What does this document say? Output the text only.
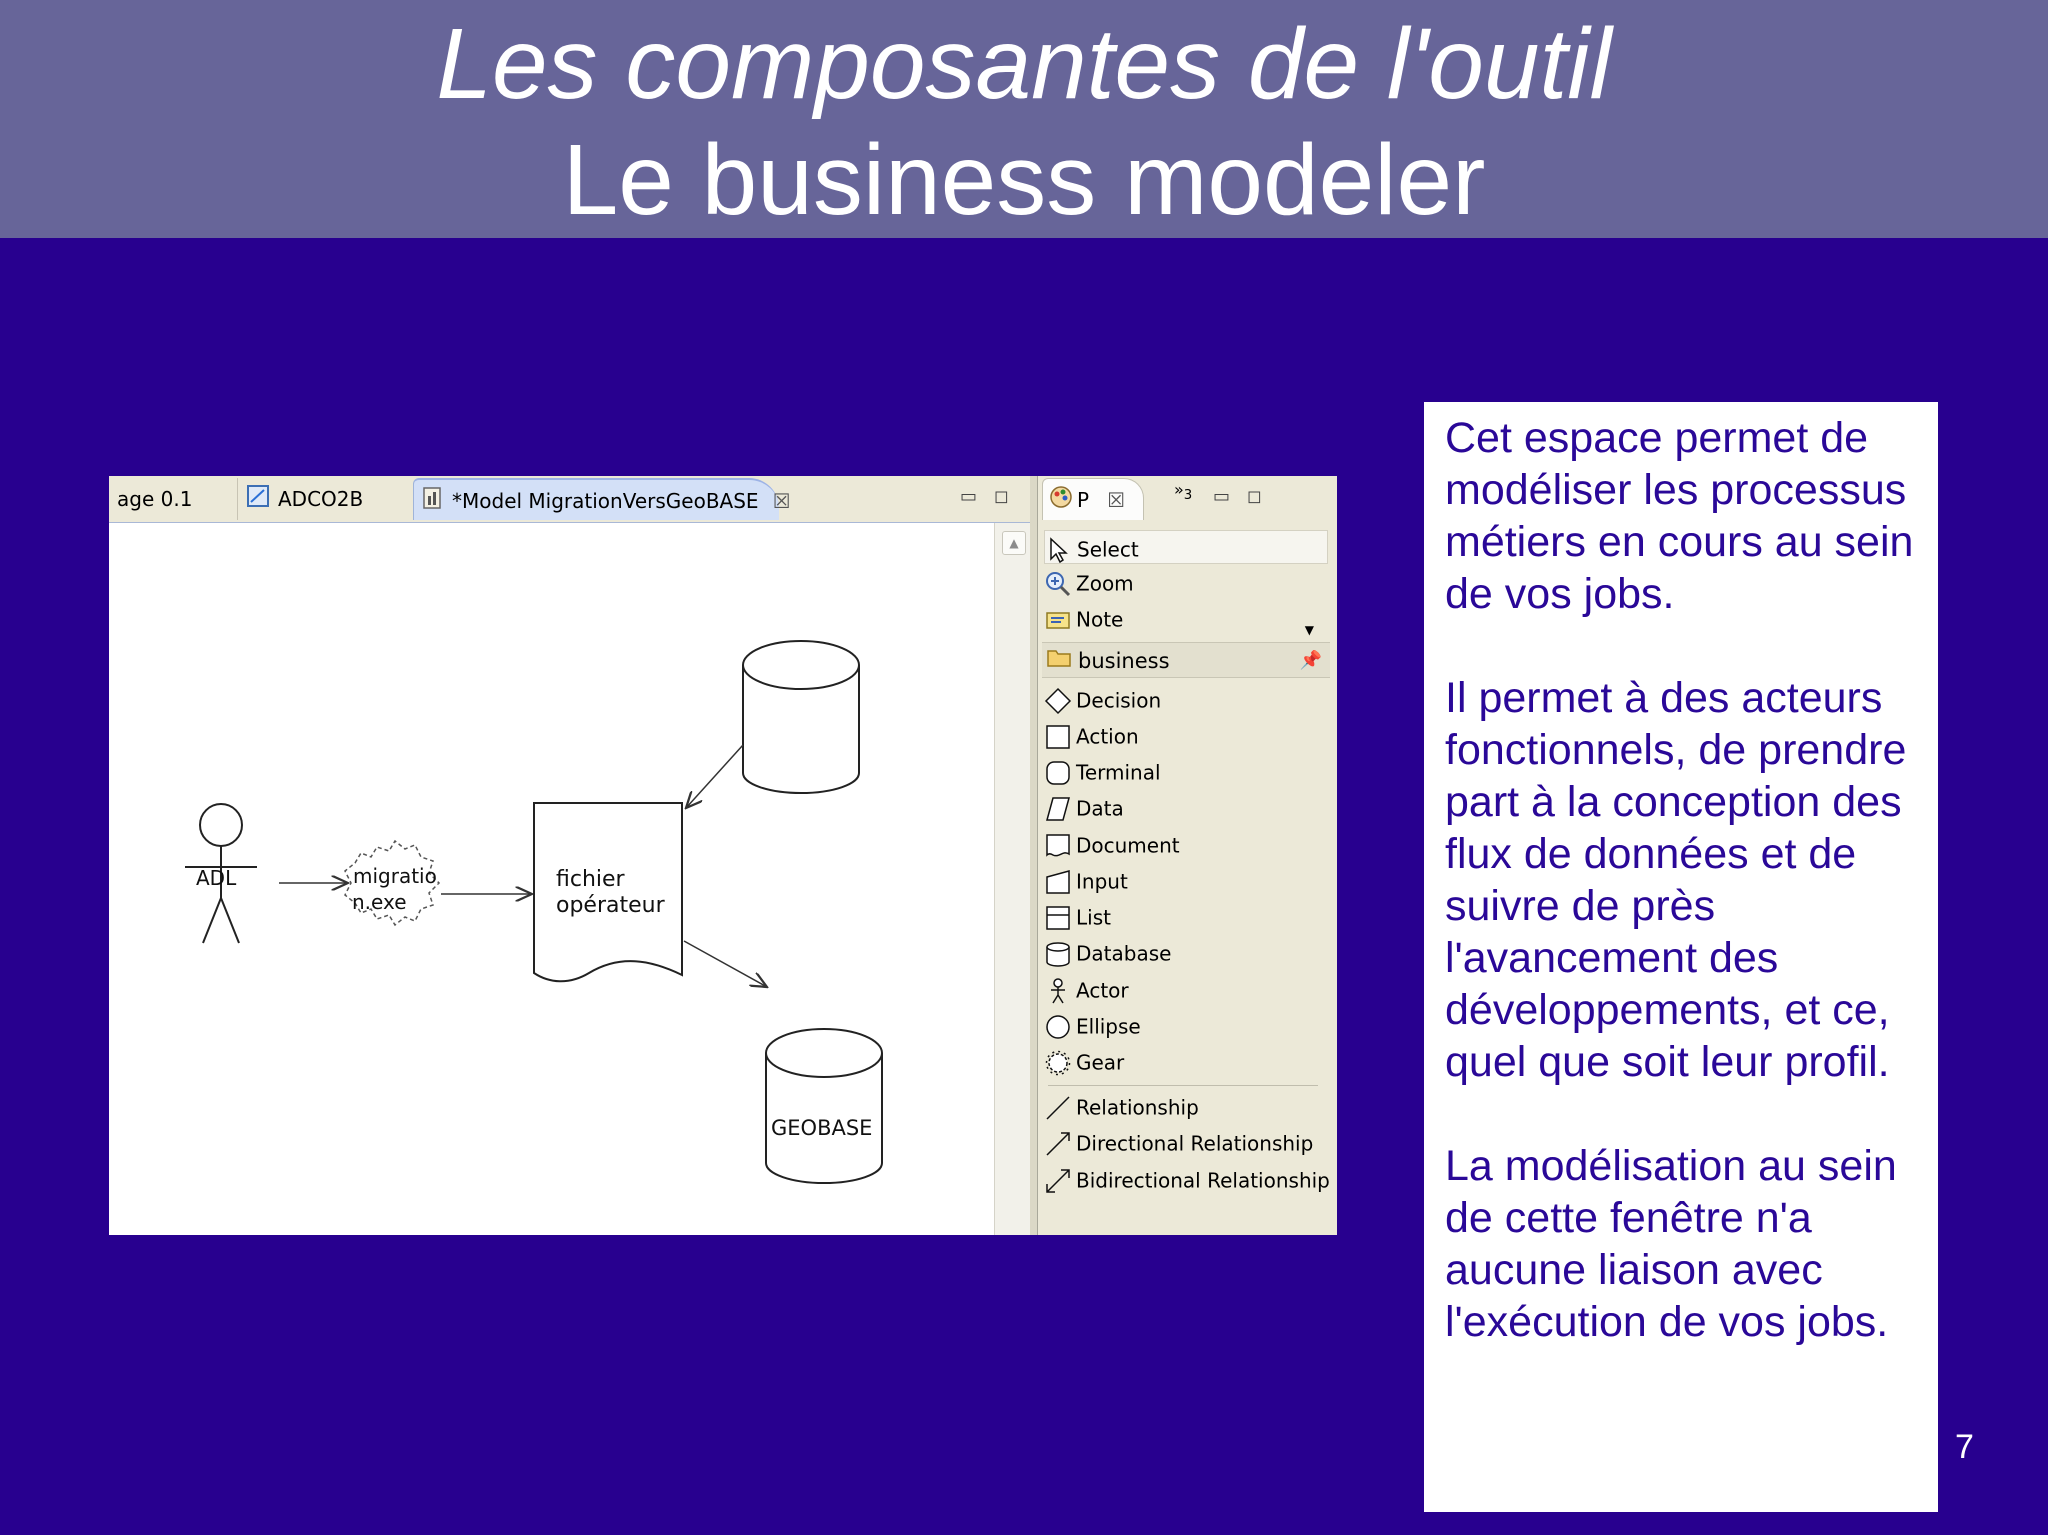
Les composantes de l'outil
Le business modeler
age 0.1	ADCO2B	*Model MigrationVersGeoBASE ☒	▭ ◻
ADL	migratio
n.exe
fichier
opérateur
GEOBASE
▲
P ☒	$»_3$ ▭ ◻
Select
Zoom
Note	▼
business	📌
Decision
Action
Terminal
Data
Document
Input
List
Database
Actor
Ellipse
Gear
Relationship
Directional Relationship
Bidirectional Relationship

Cet espace permet de modéliser les processus métiers en cours au sein de vos jobs.

Il permet à des acteurs fonctionnels, de prendre part à la conception des flux de données et de suivre de près l'avancement des développements, et ce, quel que soit leur profil.

La modélisation au sein de cette fenêtre n'a aucune liaison avec l'exécution de vos jobs.

7
